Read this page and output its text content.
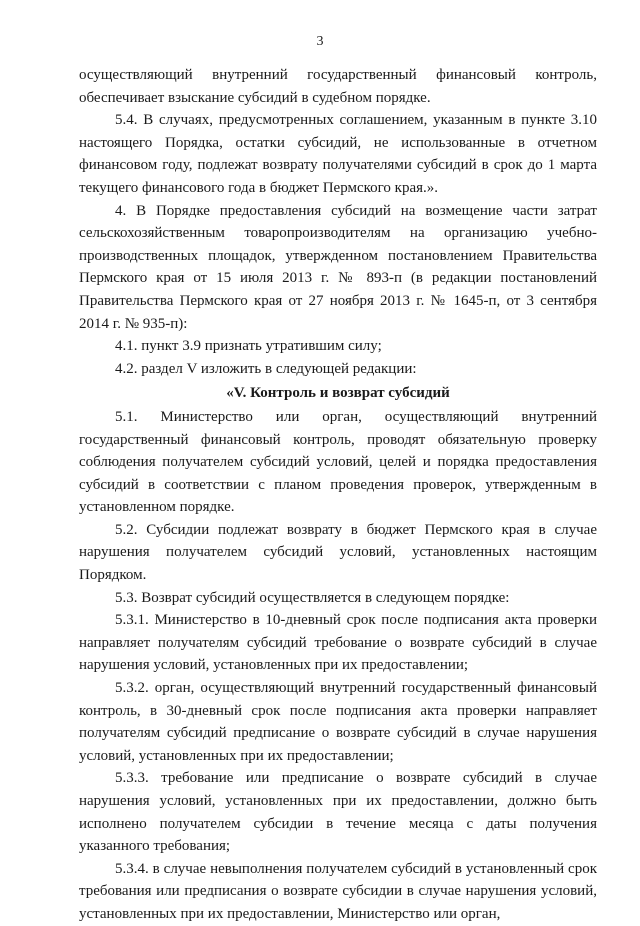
3

осуществляющий внутренний государственный финансовый контроль, обеспечивает взыскание субсидий в судебном порядке.

5.4. В случаях, предусмотренных соглашением, указанным в пункте 3.10 настоящего Порядка, остатки субсидий, не использованные в отчетном финансовом году, подлежат возврату получателями субсидий в срок до 1 марта текущего финансового года в бюджет Пермского края.».

4. В Порядке предоставления субсидий на возмещение части затрат сельскохозяйственным товаропроизводителям на организацию учебно-производственных площадок, утвержденном постановлением Правительства Пермского края от 15 июля 2013 г. № 893-п (в редакции постановлений Правительства Пермского края от 27 ноября 2013 г. № 1645-п, от 3 сентября 2014 г. № 935-п):

4.1. пункт 3.9 признать утратившим силу;

4.2. раздел V изложить в следующей редакции:

«V. Контроль и возврат субсидий

5.1. Министерство или орган, осуществляющий внутренний государственный финансовый контроль, проводят обязательную проверку соблюдения получателем субсидий условий, целей и порядка предоставления субсидий в соответствии с планом проведения проверок, утвержденным в установленном порядке.

5.2. Субсидии подлежат возврату в бюджет Пермского края в случае нарушения получателем субсидий условий, установленных настоящим Порядком.

5.3. Возврат субсидий осуществляется в следующем порядке:

5.3.1. Министерство в 10-дневный срок после подписания акта проверки направляет получателям субсидий требование о возврате субсидий в случае нарушения условий, установленных при их предоставлении;

5.3.2. орган, осуществляющий внутренний государственный финансовый контроль, в 30-дневный срок после подписания акта проверки направляет получателям субсидий предписание о возврате субсидий в случае нарушения условий, установленных при их предоставлении;

5.3.3. требование или предписание о возврате субсидий в случае нарушения условий, установленных при их предоставлении, должно быть исполнено получателем субсидии в течение месяца с даты получения указанного требования;

5.3.4. в случае невыполнения получателем субсидий в установленный срок требования или предписания о возврате субсидии в случае нарушения условий, установленных при их предоставлении, Министерство или орган,
